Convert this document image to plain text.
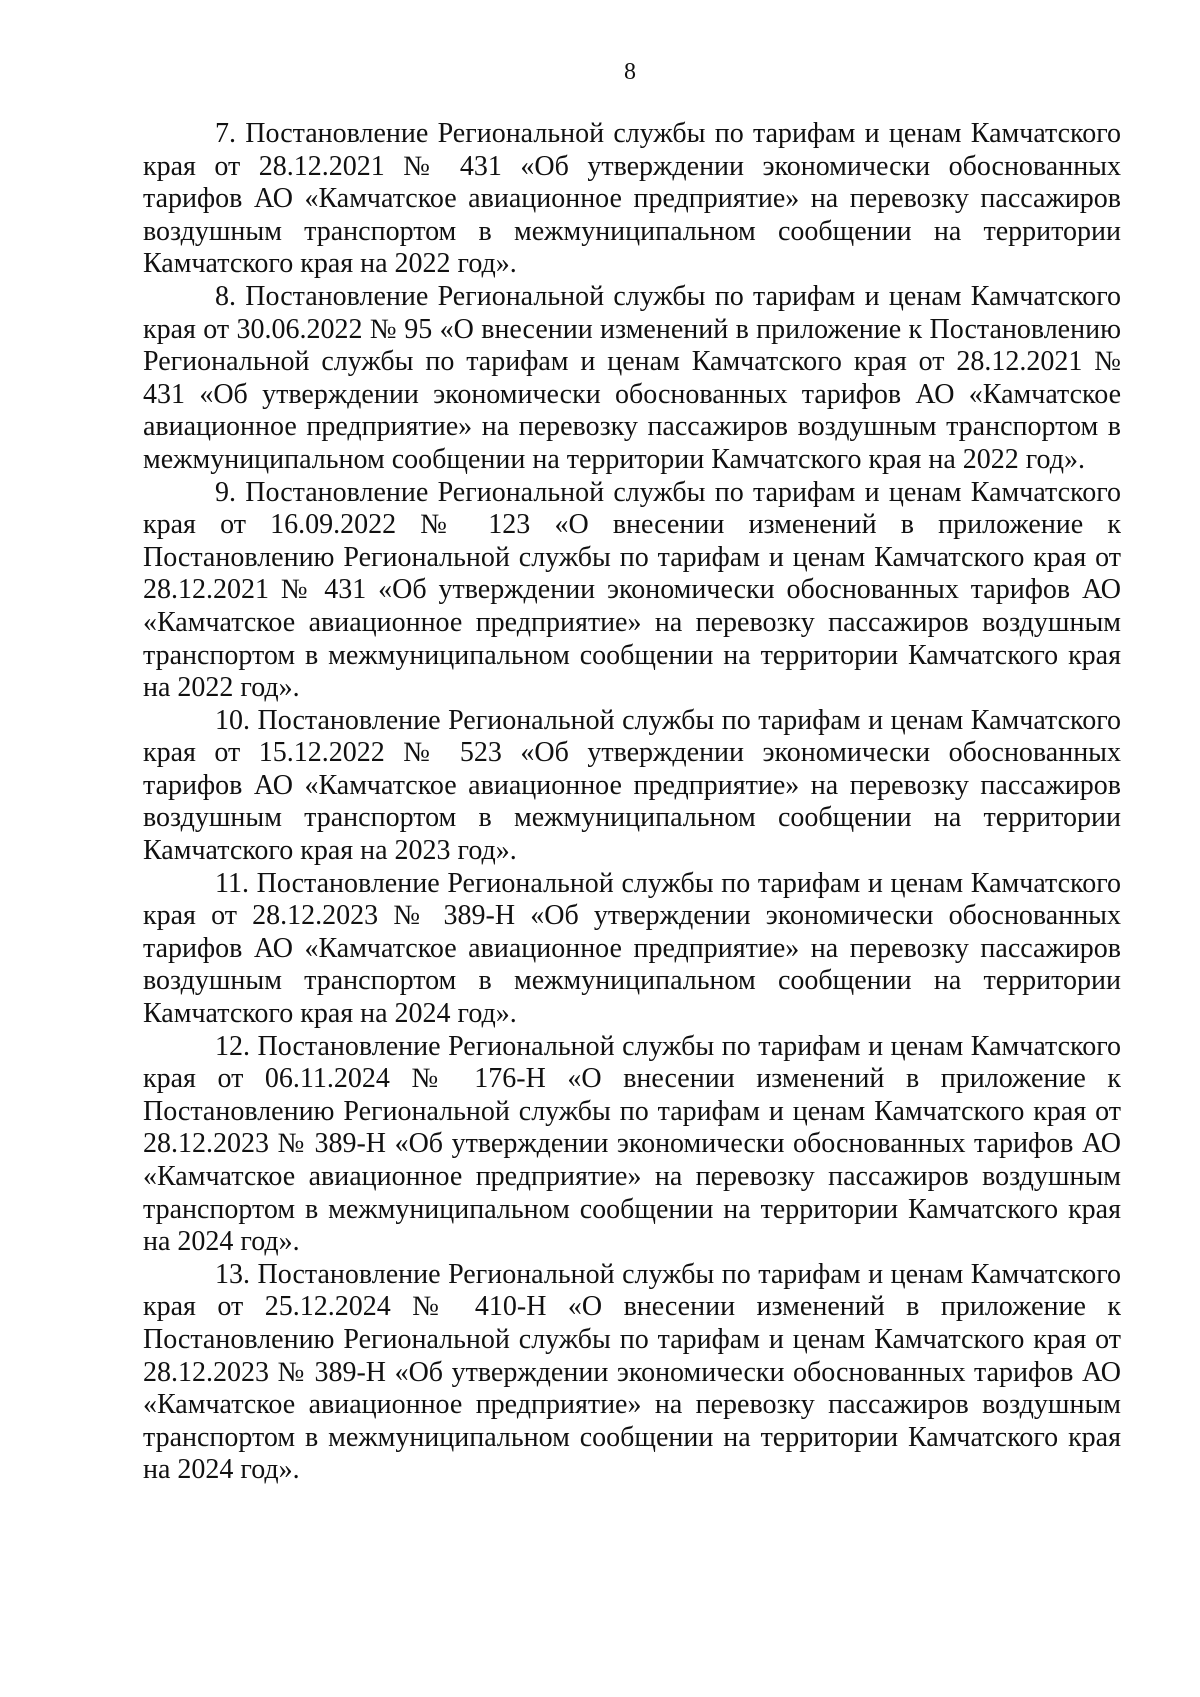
8

7. Постановление Региональной службы по тарифам и ценам Камчатского края от 28.12.2021 № 431 «Об утверждении экономически обоснованных тарифов АО «Камчатское авиационное предприятие» на перевозку пассажиров воздушным транспортом в межмуниципальном сообщении на территории Камчатского края на 2022 год».

8. Постановление Региональной службы по тарифам и ценам Камчатского края от 30.06.2022 № 95 «О внесении изменений в приложение к Постановлению Региональной службы по тарифам и ценам Камчатского края от 28.12.2021 № 431 «Об утверждении экономически обоснованных тарифов АО «Камчатское авиационное предприятие» на перевозку пассажиров воздушным транспортом в межмуниципальном сообщении на территории Камчатского края на 2022 год».

9. Постановление Региональной службы по тарифам и ценам Камчатского края от 16.09.2022 № 123 «О внесении изменений в приложение к Постановлению Региональной службы по тарифам и ценам Камчатского края от 28.12.2021 № 431 «Об утверждении экономически обоснованных тарифов АО «Камчатское авиационное предприятие» на перевозку пассажиров воздушным транспортом в межмуниципальном сообщении на территории Камчатского края на 2022 год».

10. Постановление Региональной службы по тарифам и ценам Камчатского края от 15.12.2022 № 523 «Об утверждении экономически обоснованных тарифов АО «Камчатское авиационное предприятие» на перевозку пассажиров воздушным транспортом в межмуниципальном сообщении на территории Камчатского края на 2023 год».

11. Постановление Региональной службы по тарифам и ценам Камчатского края от 28.12.2023 № 389-Н «Об утверждении экономически обоснованных тарифов АО «Камчатское авиационное предприятие» на перевозку пассажиров воздушным транспортом в межмуниципальном сообщении на территории Камчатского края на 2024 год».

12. Постановление Региональной службы по тарифам и ценам Камчатского края от 06.11.2024 № 176-Н «О внесении изменений в приложение к Постановлению Региональной службы по тарифам и ценам Камчатского края от 28.12.2023 № 389-Н «Об утверждении экономически обоснованных тарифов АО «Камчатское авиационное предприятие» на перевозку пассажиров воздушным транспортом в межмуниципальном сообщении на территории Камчатского края на 2024 год».

13. Постановление Региональной службы по тарифам и ценам Камчатского края от 25.12.2024 № 410-Н «О внесении изменений в приложение к Постановлению Региональной службы по тарифам и ценам Камчатского края от 28.12.2023 № 389-Н «Об утверждении экономически обоснованных тарифов АО «Камчатское авиационное предприятие» на перевозку пассажиров воздушным транспортом в межмуниципальном сообщении на территории Камчатского края на 2024 год».
